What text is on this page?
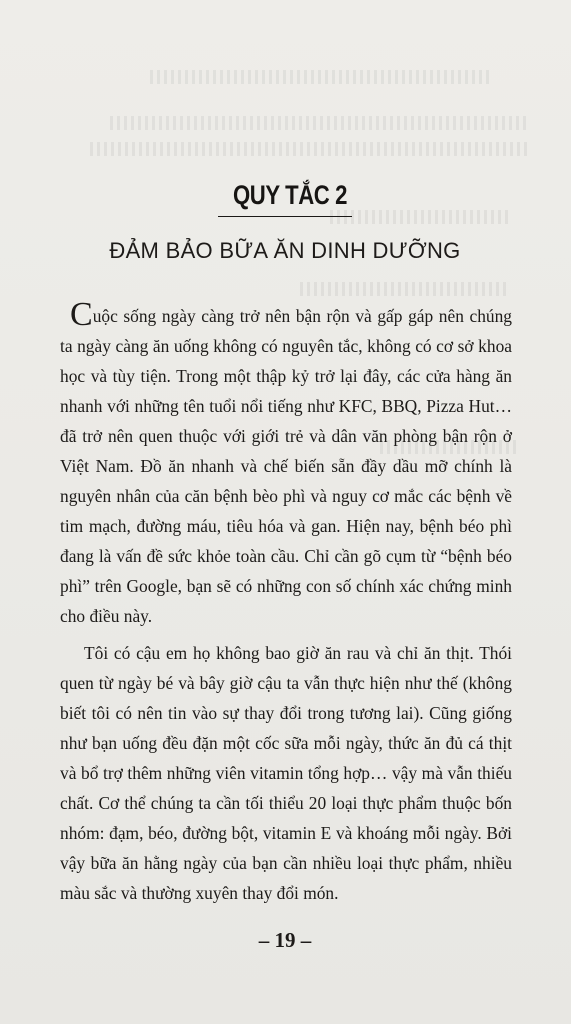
QUY TẮC 2
ĐẢM BẢO BỮA ĂN DINH DƯỠNG

Cuộc sống ngày càng trở nên bận rộn và gấp gáp nên chúng ta ngày càng ăn uống không có nguyên tắc, không có cơ sở khoa học và tùy tiện. Trong một thập kỷ trở lại đây, các cửa hàng ăn nhanh với những tên tuổi nổi tiếng như KFC, BBQ, Pizza Hut… đã trở nên quen thuộc với giới trẻ và dân văn phòng bận rộn ở Việt Nam. Đồ ăn nhanh và chế biến sẵn đầy dầu mỡ chính là nguyên nhân của căn bệnh bèo phì và nguy cơ mắc các bệnh về tim mạch, đường máu, tiêu hóa và gan. Hiện nay, bệnh béo phì đang là vấn đề sức khỏe toàn cầu. Chỉ cần gõ cụm từ “bệnh béo phì” trên Google, bạn sẽ có những con số chính xác chứng minh cho điều này.

Tôi có cậu em họ không bao giờ ăn rau và chỉ ăn thịt. Thói quen từ ngày bé và bây giờ cậu ta vẫn thực hiện như thế (không biết tôi có nên tin vào sự thay đổi trong tương lai). Cũng giống như bạn uống đều đặn một cốc sữa mỗi ngày, thức ăn đủ cá thịt và bổ trợ thêm những viên vitamin tổng hợp… vậy mà vẫn thiếu chất. Cơ thể chúng ta cần tối thiểu 20 loại thực phẩm thuộc bốn nhóm: đạm, béo, đường bột, vitamin E và khoáng mỗi ngày. Bởi vậy bữa ăn hằng ngày của bạn cần nhiều loại thực phẩm, nhiều màu sắc và thường xuyên thay đổi món.

– 19 –
